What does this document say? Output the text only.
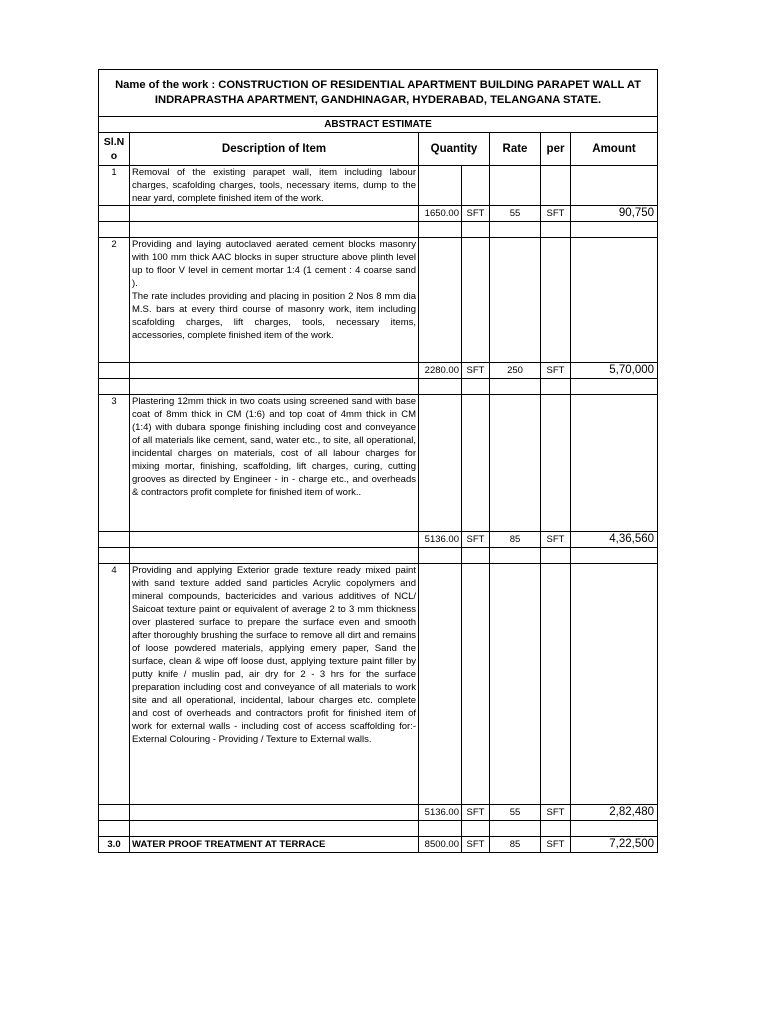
Name of the work : CONSTRUCTION OF RESIDENTIAL APARTMENT BUILDING PARAPET WALL AT INDRAPRASTHA APARTMENT, GANDHINAGAR, HYDERABAD, TELANGANA STATE.						
ABSTRACT ESTIMATE						
Sl.N o	Description of Item	Quantity		Rate	per	Amount
1	Removal of the existing parapet wall, item including labour charges, scafolding charges, tools, necessary items, dump to the near yard, complete finished item of the work.					
		1650.00	SFT	55	SFT	90,750

2	Providing and laying autoclaved aerated cement blocks masonry with 100 mm thick AAC blocks in super structure above plinth level up to floor V level in cement mortar 1:4 (1 cement : 4 coarse sand ).
The rate includes providing and placing in position 2 Nos 8 mm dia M.S. bars at every third course of masonry work, item including scafolding charges, lift charges, tools, necessary items, accessories, complete finished item of the work.					
		2280.00	SFT	250	SFT	5,70,000

3	Plastering 12mm thick in two coats using screened sand with base coat of 8mm thick in CM (1:6) and top coat of 4mm thick in CM (1:4) with dubara sponge finishing including cost and conveyance of all materials like cement, sand, water etc., to site, all operational, incidental charges on materials, cost of all labour charges for mixing mortar, finishing, scaffolding, lift charges, curing, cutting grooves as directed by Engineer - in - charge etc., and overheads & contractors profit complete for finished item of work..					
		5136.00	SFT	85	SFT	4,36,560

4	Providing and applying Exterior grade texture ready mixed paint with sand texture added sand particles Acrylic copolymers and mineral compounds, bactericides and various additives of NCL/ Saicoat texture paint or equivalent of average 2 to 3 mm thickness over plastered surface to prepare the surface even and smooth after thoroughly brushing the surface to remove all dirt and remains of loose powdered materials, applying emery paper, Sand the surface, clean & wipe off loose dust, applying texture paint filler by putty knife / muslin pad, air dry for 2 - 3 hrs for the surface preparation including cost and conveyance of all materials to work site and all operational, incidental, labour charges etc. complete and cost of overheads and contractors profit for finished item of work for external walls - including cost of access scaffolding for:-External Colouring - Providing / Texture to External walls.					
		5136.00	SFT	55	SFT	2,82,480

3.0	WATER PROOF TREATMENT AT TERRACE	8500.00	SFT	85	SFT	7,22,500
